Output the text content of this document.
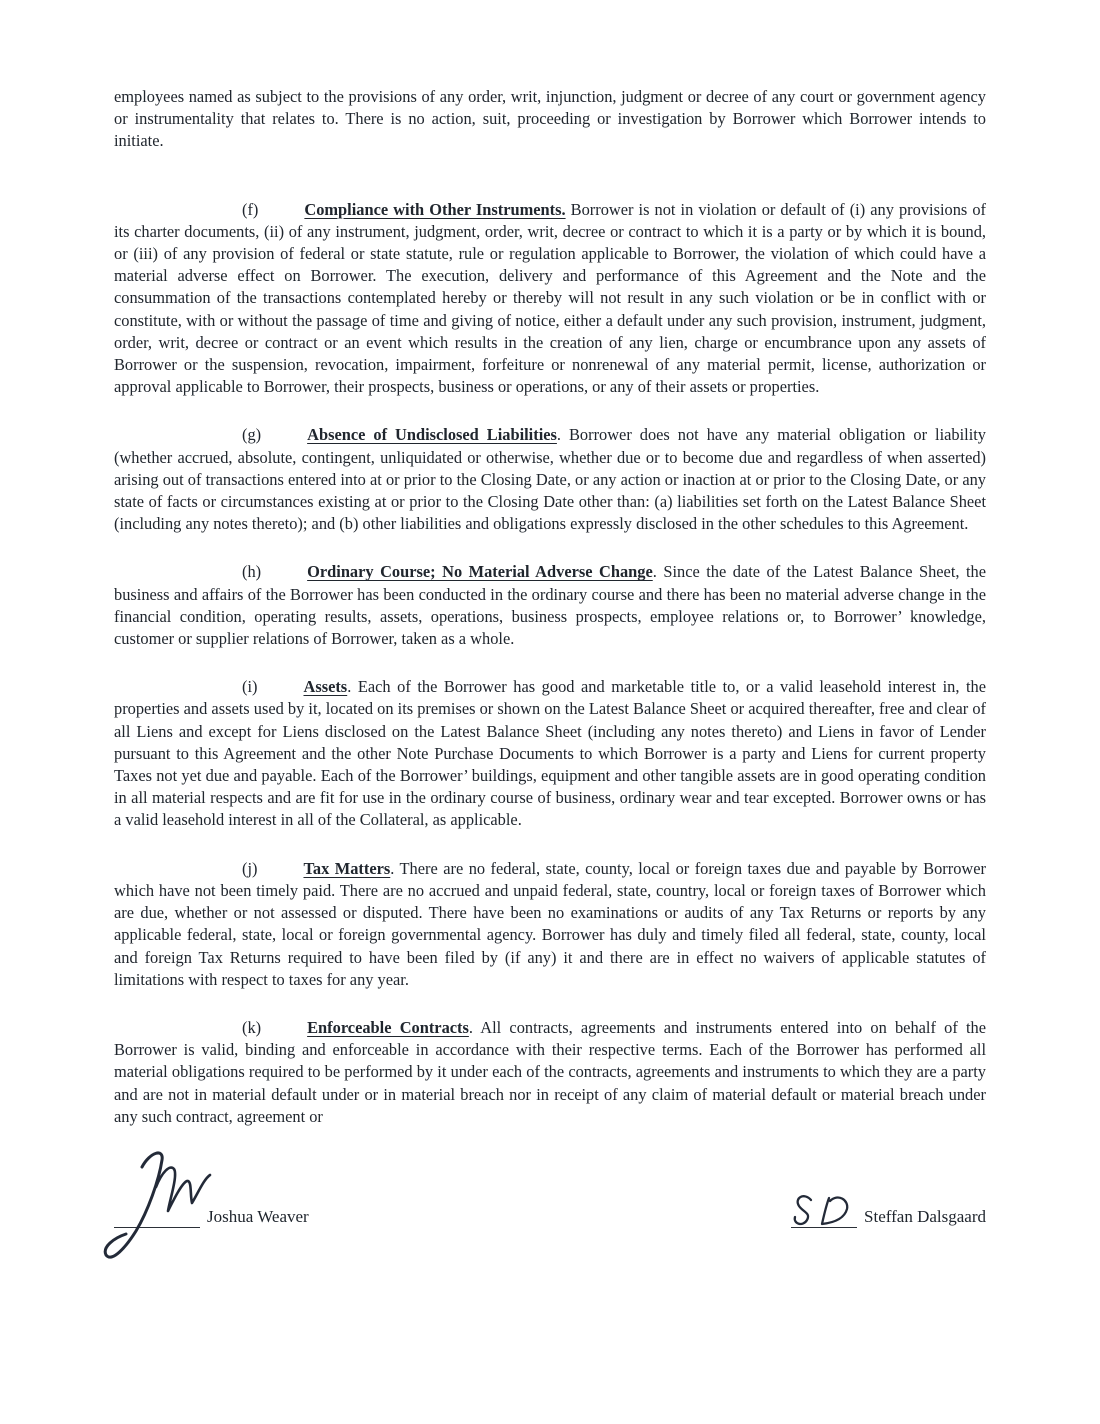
employees named as subject to the provisions of any order, writ, injunction, judgment or decree of any court or government agency or instrumentality that relates to. There is no action, suit, proceeding or investigation by Borrower which Borrower intends to initiate.

(f)	Compliance with Other Instruments. Borrower is not in violation or default of (i) any provisions of its charter documents, (ii) of any instrument, judgment, order, writ, decree or contract to which it is a party or by which it is bound, or (iii) of any provision of federal or state statute, rule or regulation applicable to Borrower, the violation of which could have a material adverse effect on Borrower. The execution, delivery and performance of this Agreement and the Note and the consummation of the transactions contemplated hereby or thereby will not result in any such violation or be in conflict with or constitute, with or without the passage of time and giving of notice, either a default under any such provision, instrument, judgment, order, writ, decree or contract or an event which results in the creation of any lien, charge or encumbrance upon any assets of Borrower or the suspension, revocation, impairment, forfeiture or nonrenewal of any material permit, license, authorization or approval applicable to Borrower, their prospects, business or operations, or any of their assets or properties.

(g)	Absence of Undisclosed Liabilities. Borrower does not have any material obligation or liability (whether accrued, absolute, contingent, unliquidated or otherwise, whether due or to become due and regardless of when asserted) arising out of transactions entered into at or prior to the Closing Date, or any action or inaction at or prior to the Closing Date, or any state of facts or circumstances existing at or prior to the Closing Date other than: (a) liabilities set forth on the Latest Balance Sheet (including any notes thereto); and (b) other liabilities and obligations expressly disclosed in the other schedules to this Agreement.

(h)	Ordinary Course; No Material Adverse Change. Since the date of the Latest Balance Sheet, the business and affairs of the Borrower has been conducted in the ordinary course and there has been no material adverse change in the financial condition, operating results, assets, operations, business prospects, employee relations or, to Borrower’ knowledge, customer or supplier relations of Borrower, taken as a whole.

(i)	Assets. Each of the Borrower has good and marketable title to, or a valid leasehold interest in, the properties and assets used by it, located on its premises or shown on the Latest Balance Sheet or acquired thereafter, free and clear of all Liens and except for Liens disclosed on the Latest Balance Sheet (including any notes thereto) and Liens in favor of Lender pursuant to this Agreement and the other Note Purchase Documents to which Borrower is a party and Liens for current property Taxes not yet due and payable. Each of the Borrower’ buildings, equipment and other tangible assets are in good operating condition in all material respects and are fit for use in the ordinary course of business, ordinary wear and tear excepted. Borrower owns or has a valid leasehold interest in all of the Collateral, as applicable.

(j)	Tax Matters. There are no federal, state, county, local or foreign taxes due and payable by Borrower which have not been timely paid. There are no accrued and unpaid federal, state, country, local or foreign taxes of Borrower which are due, whether or not assessed or disputed. There have been no examinations or audits of any Tax Returns or reports by any applicable federal, state, local or foreign governmental agency. Borrower has duly and timely filed all federal, state, county, local and foreign Tax Returns required to have been filed by (if any) it and there are in effect no waivers of applicable statutes of limitations with respect to taxes for any year.

(k)	Enforceable Contracts. All contracts, agreements and instruments entered into on behalf of the Borrower is valid, binding and enforceable in accordance with their respective terms. Each of the Borrower has performed all material obligations required to be performed by it under each of the contracts, agreements and instruments to which they are a party and are not in material default under or in material breach nor in receipt of any claim of material default or material breach under any such contract, agreement or

Joshua Weaver	Steffan Dalsgaard
